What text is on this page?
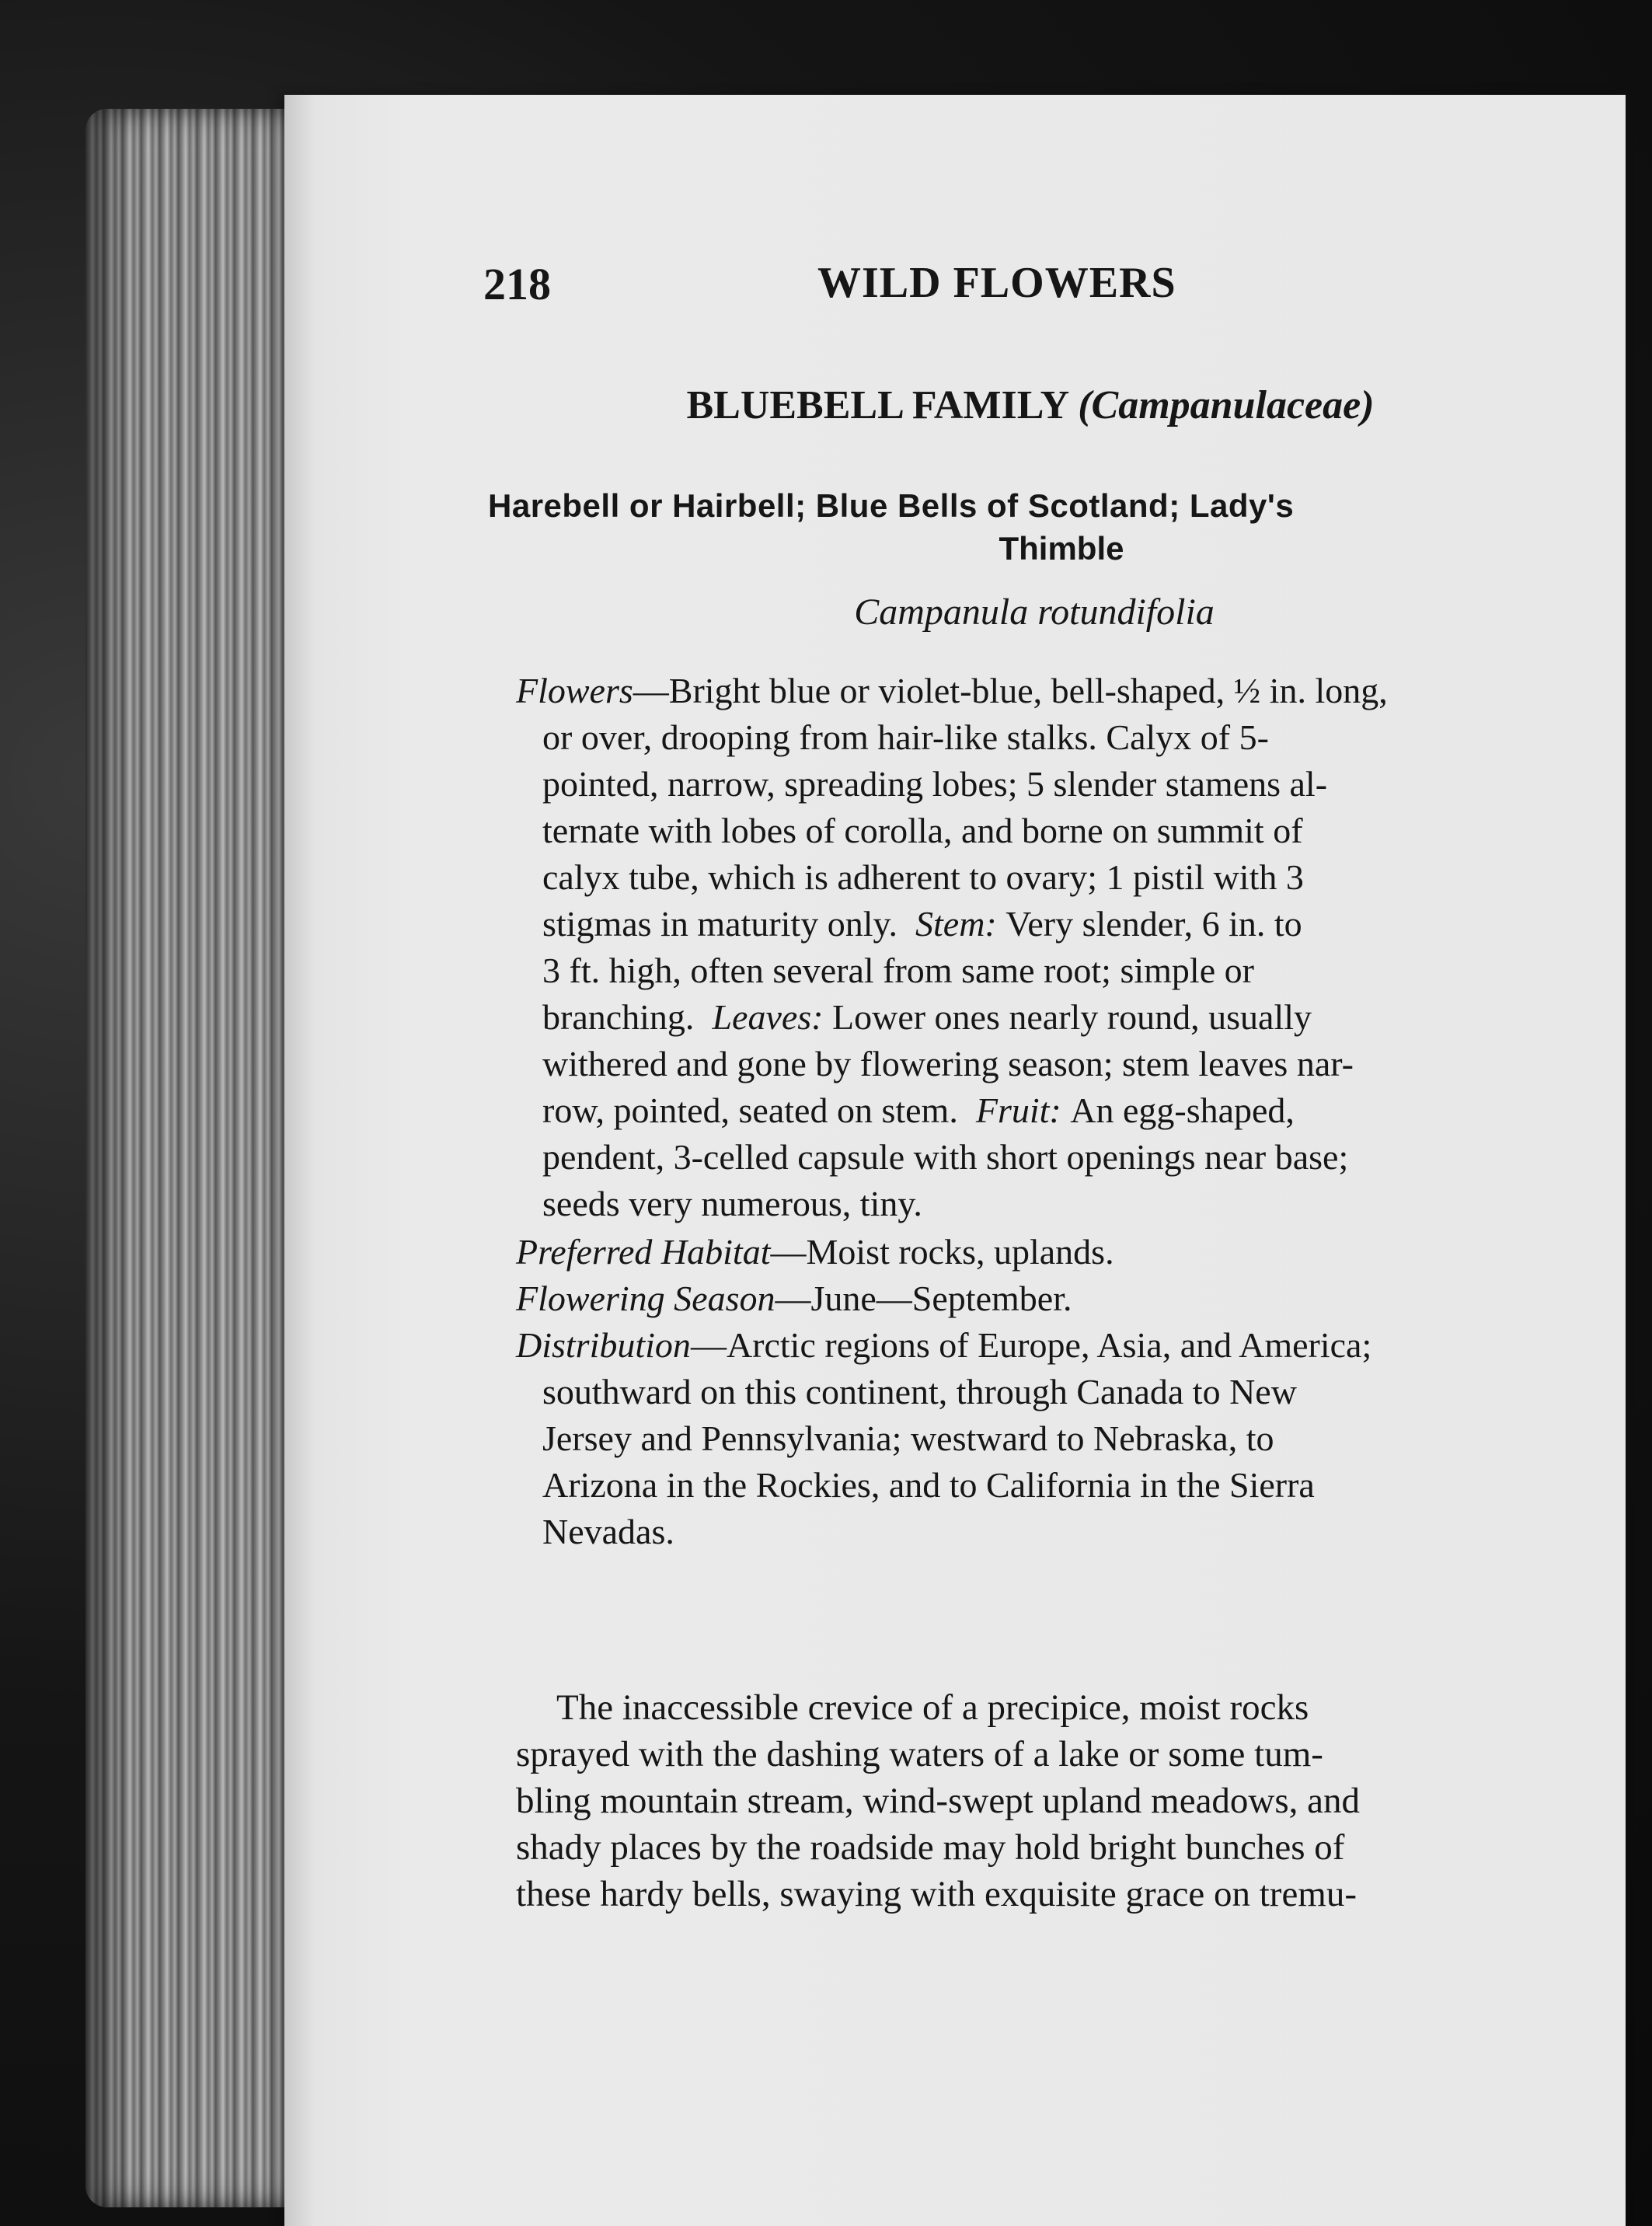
218	WILD FLOWERS
BLUEBELL FAMILY (Campanulaceae)
Harebell or Hairbell; Blue Bells of Scotland; Lady's
Thimble
Campanula rotundifolia
Flowers—Bright blue or violet-blue, bell-shaped, ½ in. long,
or over, drooping from hair-like stalks. Calyx of 5-
pointed, narrow, spreading lobes; 5 slender stamens al-
ternate with lobes of corolla, and borne on summit of
calyx tube, which is adherent to ovary; 1 pistil with 3
stigmas in maturity only. Stem: Very slender, 6 in. to
3 ft. high, often several from same root; simple or
branching. Leaves: Lower ones nearly round, usually
withered and gone by flowering season; stem leaves nar-
row, pointed, seated on stem. Fruit: An egg-shaped,
pendent, 3-celled capsule with short openings near base;
seeds very numerous, tiny.
Preferred Habitat—Moist rocks, uplands.
Flowering Season—June—September.
Distribution—Arctic regions of Europe, Asia, and America;
southward on this continent, through Canada to New
Jersey and Pennsylvania; westward to Nebraska, to
Arizona in the Rockies, and to California in the Sierra
Nevadas.
The inaccessible crevice of a precipice, moist rocks
sprayed with the dashing waters of a lake or some tum-
bling mountain stream, wind-swept upland meadows, and
shady places by the roadside may hold bright bunches of
these hardy bells, swaying with exquisite grace on tremu-
